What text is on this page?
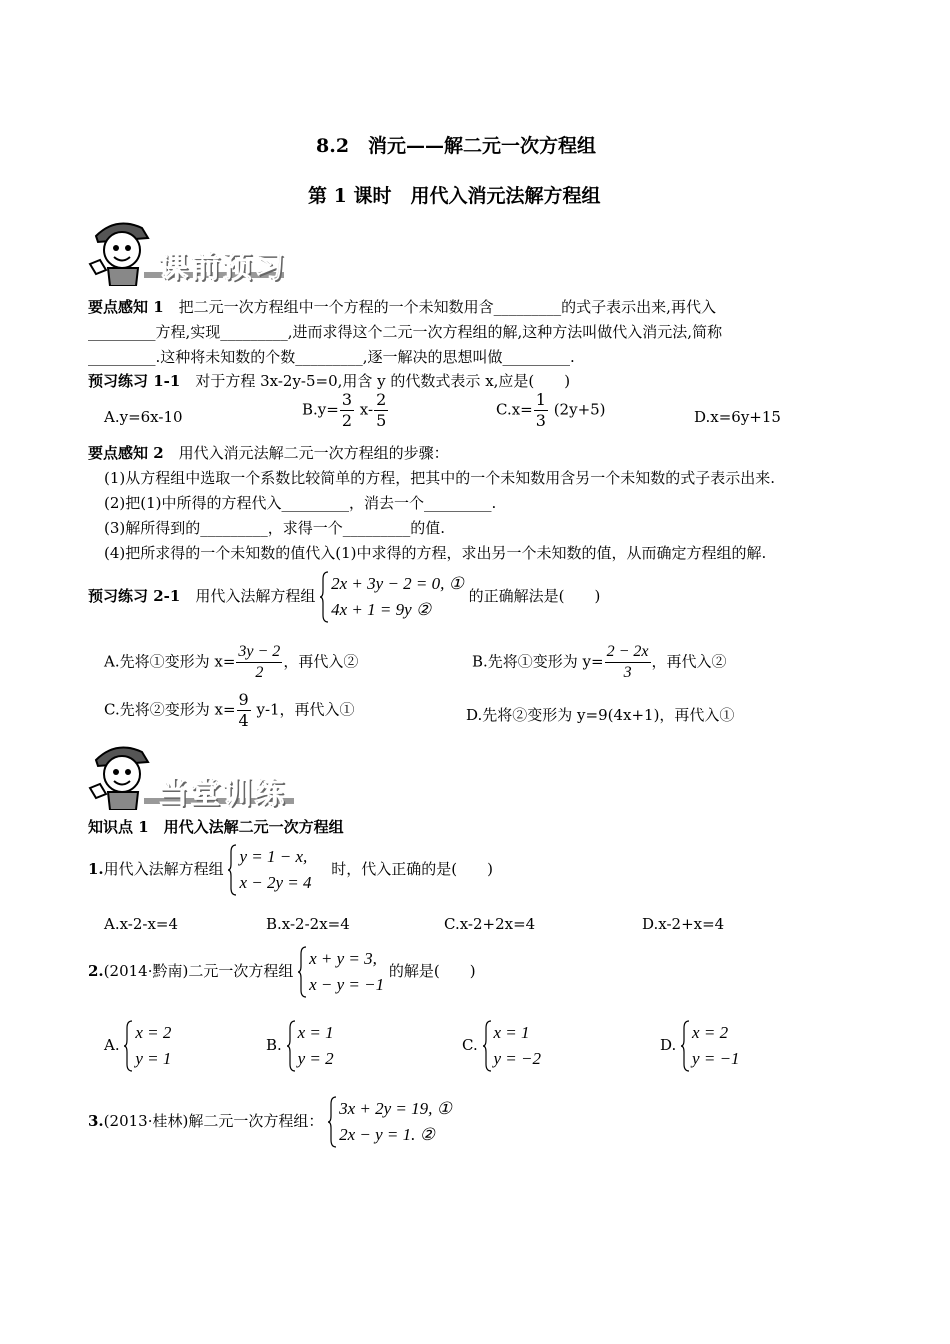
8.2　消元——解二元一次方程组
第 1 课时　用代入消元法解方程组
课前预习
要点感知 1　把二元一次方程组中一个方程的一个未知数用含_________的式子表示出来,再代入
_________方程,实现_________,进而求得这个二元一次方程组的解,这种方法叫做代入消元法,简称
_________.这种将未知数的个数_________,逐一解决的思想叫做_________.
预习练习 1-1　对于方程 3x-2y-5=0,用含 y 的代数式表示 x,应是(　　)
A.y=6x-10	$B.y= \frac{3}{2} x- \frac{2}{5}$	$C.x= \frac{1}{3} (2y+5)$	D.x=6y+15
要点感知 2　用代入消元法解二元一次方程组的步骤：
(1)从方程组中选取一个系数比较简单的方程，把其中的一个未知数用含另一个未知数的式子表示出来.
(2)把(1)中所得的方程代入_________，消去一个_________.
(3)解所得到的_________，求得一个_________的值.
(4)把所求得的一个未知数的值代入(1)中求得的方程，求出另一个未知数的值，从而确定方程组的解.
预习练习 2-1　用代入法解方程组
2x + 3y − 2 = 0, ①
4x + 1 = 9y ②
的正确解法是(　　)
A.先将①变形为 $x= \frac{3y - 2}{2}$ ，再代入②	B.先将①变形为 $y= \frac{2 - 2x}{3}$ ，再代入②
C.先将②变形为 $x= \frac{9}{4} y-1$，再代入①	D.先将②变形为 y=9(4x+1)，再代入①
当堂训练
知识点 1　用代入法解二元一次方程组
1.用代入法解方程组
y = 1 − x,
x − 2y = 4
　时，代入正确的是(　　)
A.x-2-x=4	B.x-2-2x=4	C.x-2+2x=4	D.x-2+x=4
2.(2014·黔南)二元一次方程组
x + y = 3,
x − y = −1
的解是(　　)
A.
x = 2
y = 1
B.
x = 1
y = 2
C.
x = 1
y = −2
D.
x = 2
y = −1
3.(2013·桂林)解二元一次方程组：
3x + 2y = 19, ①
2x − y = 1. ②
